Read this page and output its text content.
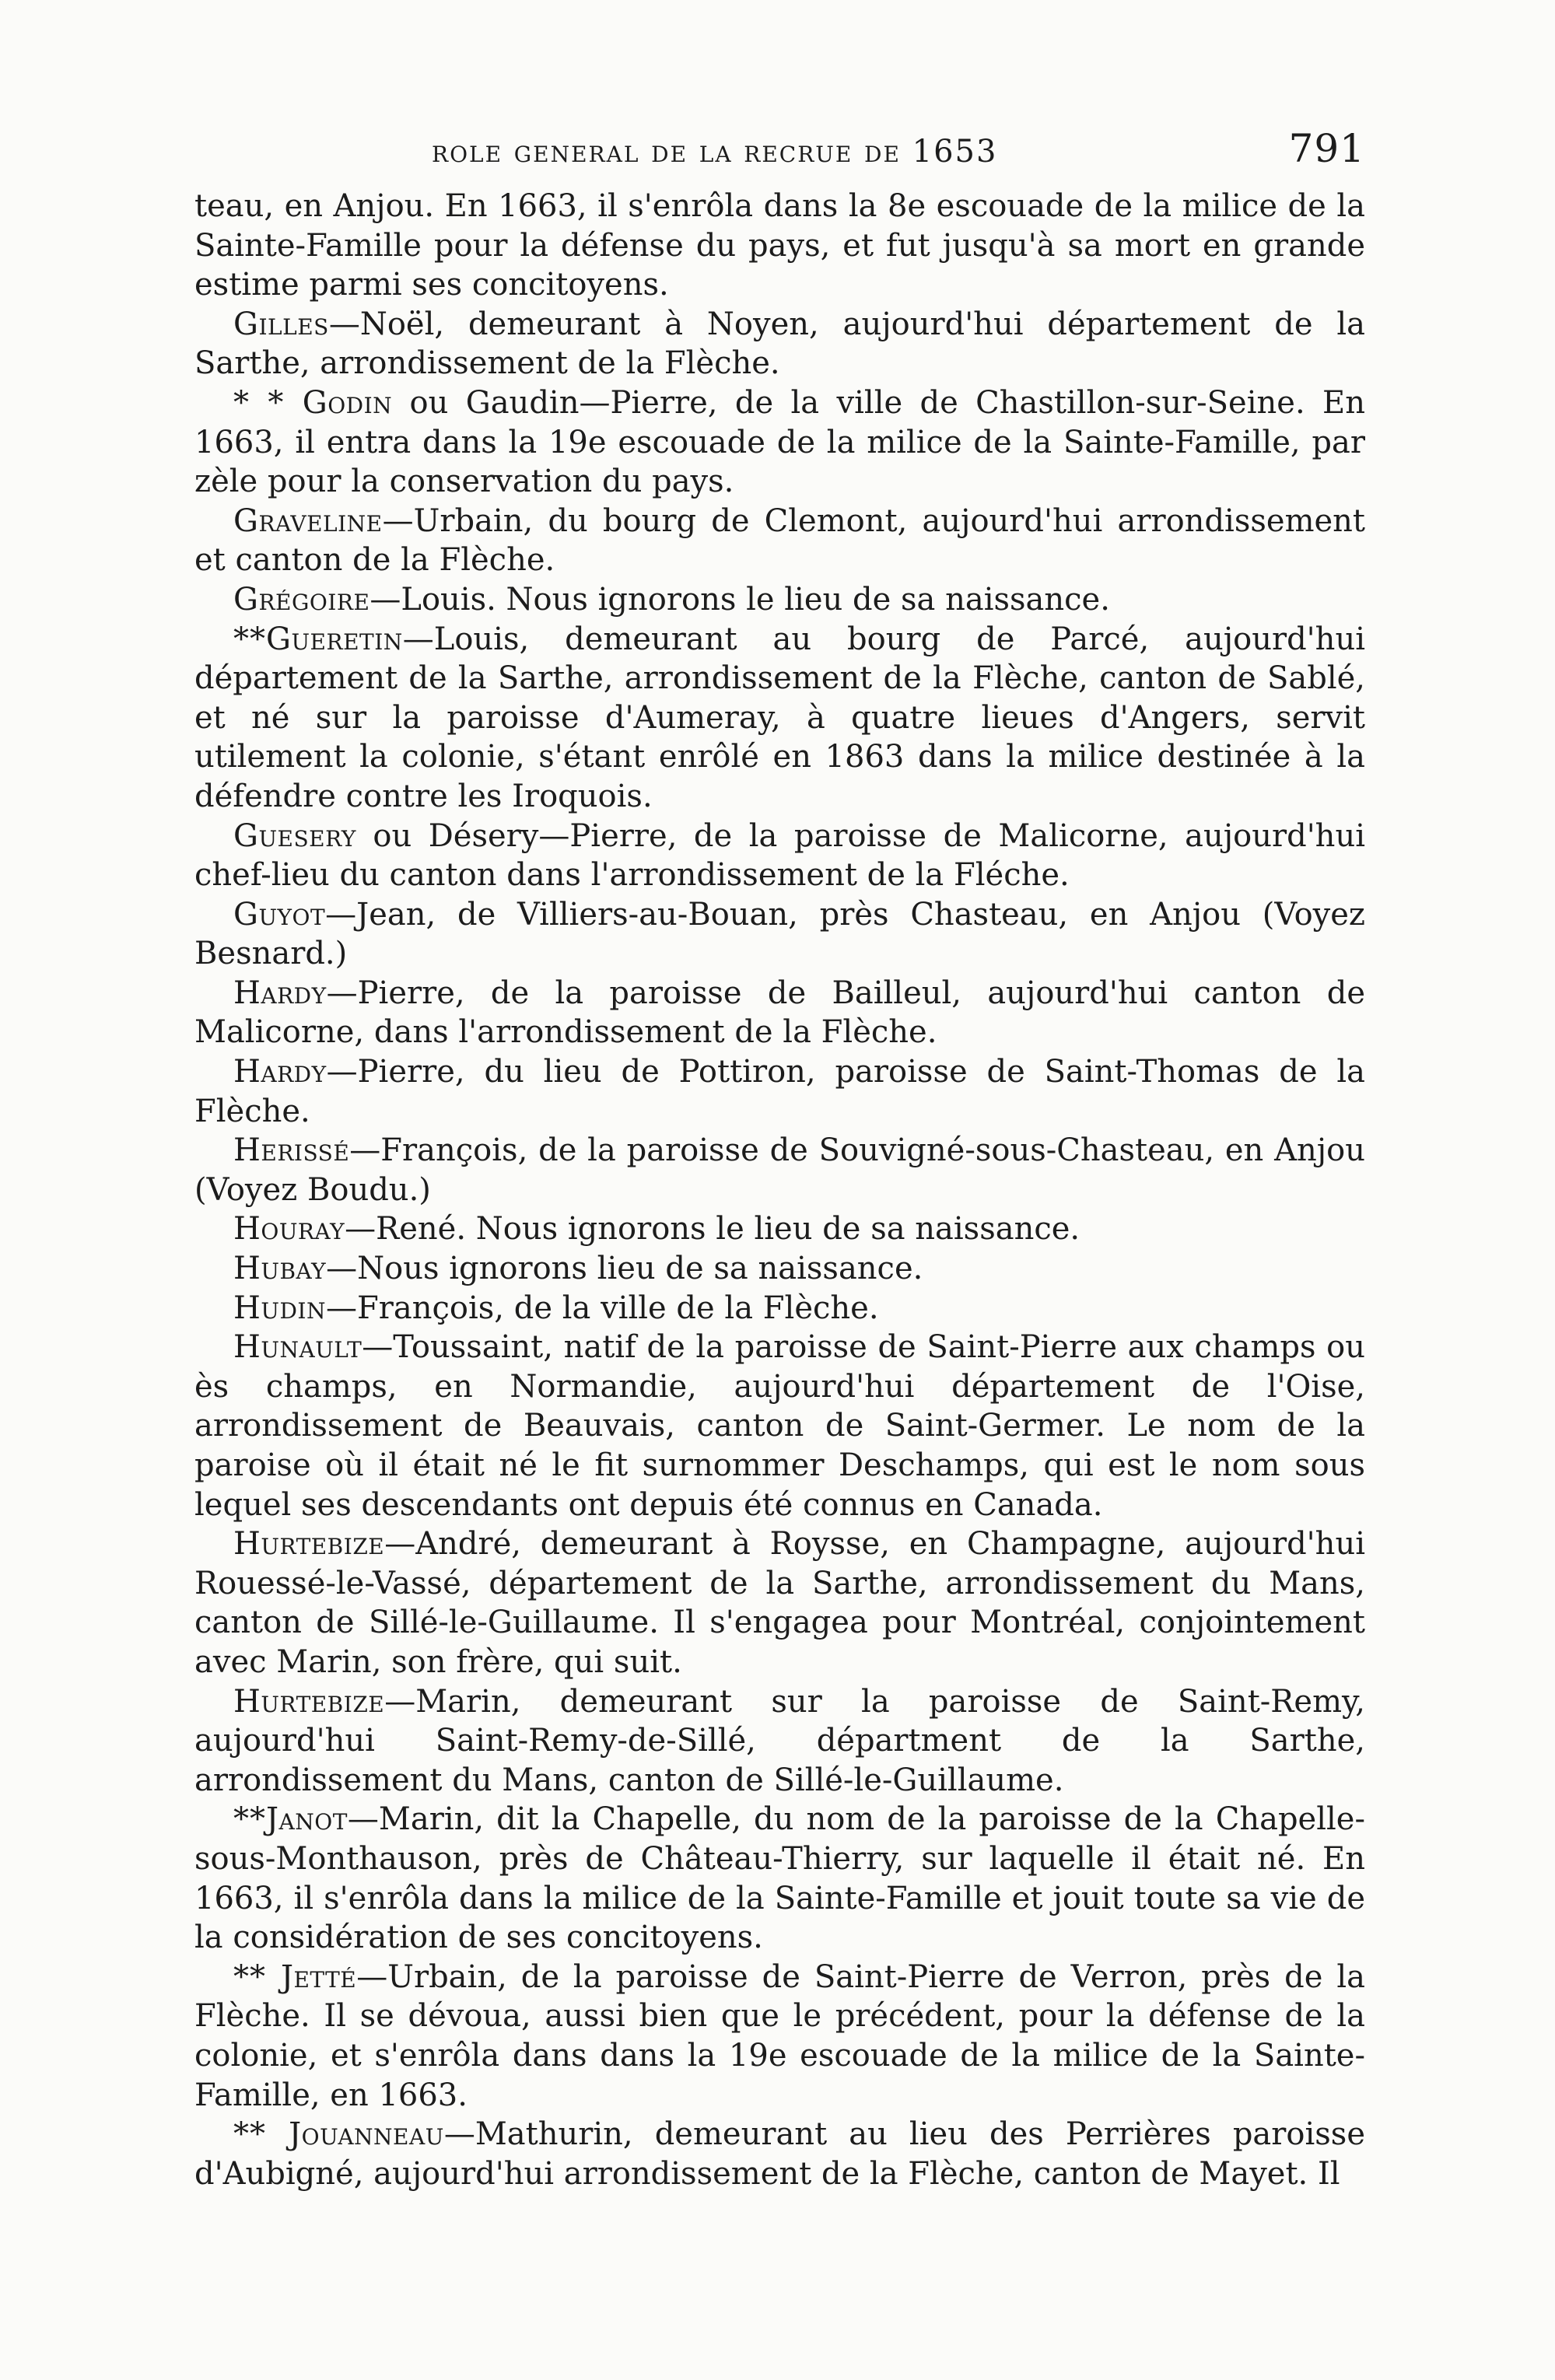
role general de la recrue de 1653	791

teau, en Anjou. En 1663, il s'enrôla dans la 8e escouade de la milice de la Sainte-Famille pour la défense du pays, et fut jusqu'à sa mort en grande estime parmi ses concitoyens.

Gilles—Noël, demeurant à Noyen, aujourd'hui département de la Sarthe, arrondissement de la Flèche.

* * Godin ou Gaudin—Pierre, de la ville de Chastillon-sur-Seine. En 1663, il entra dans la 19e escouade de la milice de la Sainte-Famille, par zèle pour la conservation du pays.

Graveline—Urbain, du bourg de Clemont, aujourd'hui arrondissement et canton de la Flèche.

Grégoire—Louis. Nous ignorons le lieu de sa naissance.

**Gueretin—Louis, demeurant au bourg de Parcé, aujourd'hui département de la Sarthe, arrondissement de la Flèche, canton de Sablé, et né sur la paroisse d'Aumeray, à quatre lieues d'Angers, servit utilement la colonie, s'étant enrôlé en 1863 dans la milice destinée à la défendre contre les Iroquois.

Guesery ou Désery—Pierre, de la paroisse de Malicorne, aujourd'hui chef-lieu du canton dans l'arrondissement de la Fléche.

Guyot—Jean, de Villiers-au-Bouan, près Chasteau, en Anjou (Voyez Besnard.)

Hardy—Pierre, de la paroisse de Bailleul, aujourd'hui canton de Malicorne, dans l'arrondissement de la Flèche.

Hardy—Pierre, du lieu de Pottiron, paroisse de Saint-Thomas de la Flèche.

Herissé—François, de la paroisse de Souvigné-sous-Chasteau, en Anjou (Voyez Boudu.)

Houray—René. Nous ignorons le lieu de sa naissance.

Hubay—Nous ignorons lieu de sa naissance.

Hudin—François, de la ville de la Flèche.

Hunault—Toussaint, natif de la paroisse de Saint-Pierre aux champs ou ès champs, en Normandie, aujourd'hui département de l'Oise, arrondissement de Beauvais, canton de Saint-Germer. Le nom de la paroise où il était né le fit surnommer Deschamps, qui est le nom sous lequel ses descendants ont depuis été connus en Canada.

Hurtebize—André, demeurant à Roysse, en Champagne, aujourd'hui Rouessé-le-Vassé, département de la Sarthe, arrondissement du Mans, canton de Sillé-le-Guillaume. Il s'engagea pour Montréal, conjointement avec Marin, son frère, qui suit.

Hurtebize—Marin, demeurant sur la paroisse de Saint-Remy, aujourd'hui Saint-Remy-de-Sillé, départment de la Sarthe, arrondissement du Mans, canton de Sillé-le-Guillaume.

**Janot—Marin, dit la Chapelle, du nom de la paroisse de la Chapelle-sous-Monthauson, près de Château-Thierry, sur laquelle il était né. En 1663, il s'enrôla dans la milice de la Sainte-Famille et jouit toute sa vie de la considération de ses concitoyens.

** Jetté—Urbain, de la paroisse de Saint-Pierre de Verron, près de la Flèche. Il se dévoua, aussi bien que le précédent, pour la défense de la colonie, et s'enrôla dans dans la 19e escouade de la milice de la Sainte-Famille, en 1663.

** Jouanneau—Mathurin, demeurant au lieu des Perrières paroisse d'Aubigné, aujourd'hui arrondissement de la Flèche, canton de Mayet. Il
